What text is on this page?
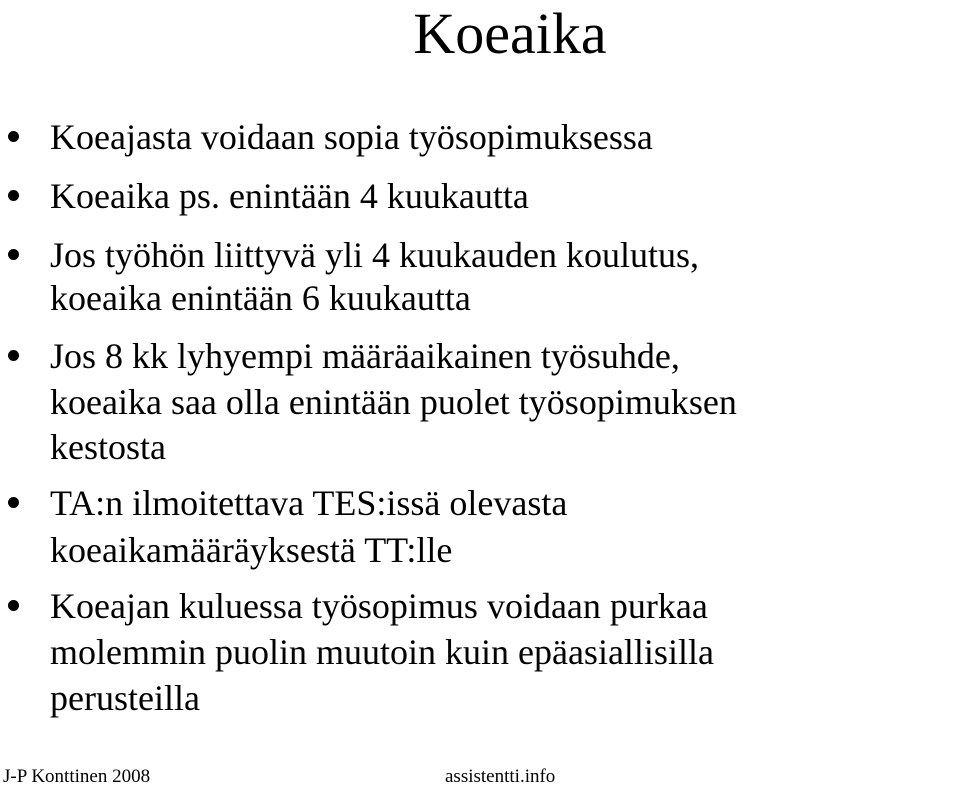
Koeaika
Koeajasta voidaan sopia työsopimuksessa
Koeaika ps. enintään 4 kuukautta
Jos työhön liittyvä yli 4 kuukauden koulutus,
koeaika enintään 6 kuukautta
Jos 8 kk lyhyempi määräaikainen työsuhde,
koeaika saa olla enintään puolet työsopimuksen
kestosta
TA:n ilmoitettava TES:issä olevasta
koeaikamääräyksestä TT:lle
Koeajan kuluessa työsopimus voidaan purkaa
molemmin puolin muutoin kuin epäasiallisilla
perusteilla
J-P Konttinen 2008	assistentti.info
